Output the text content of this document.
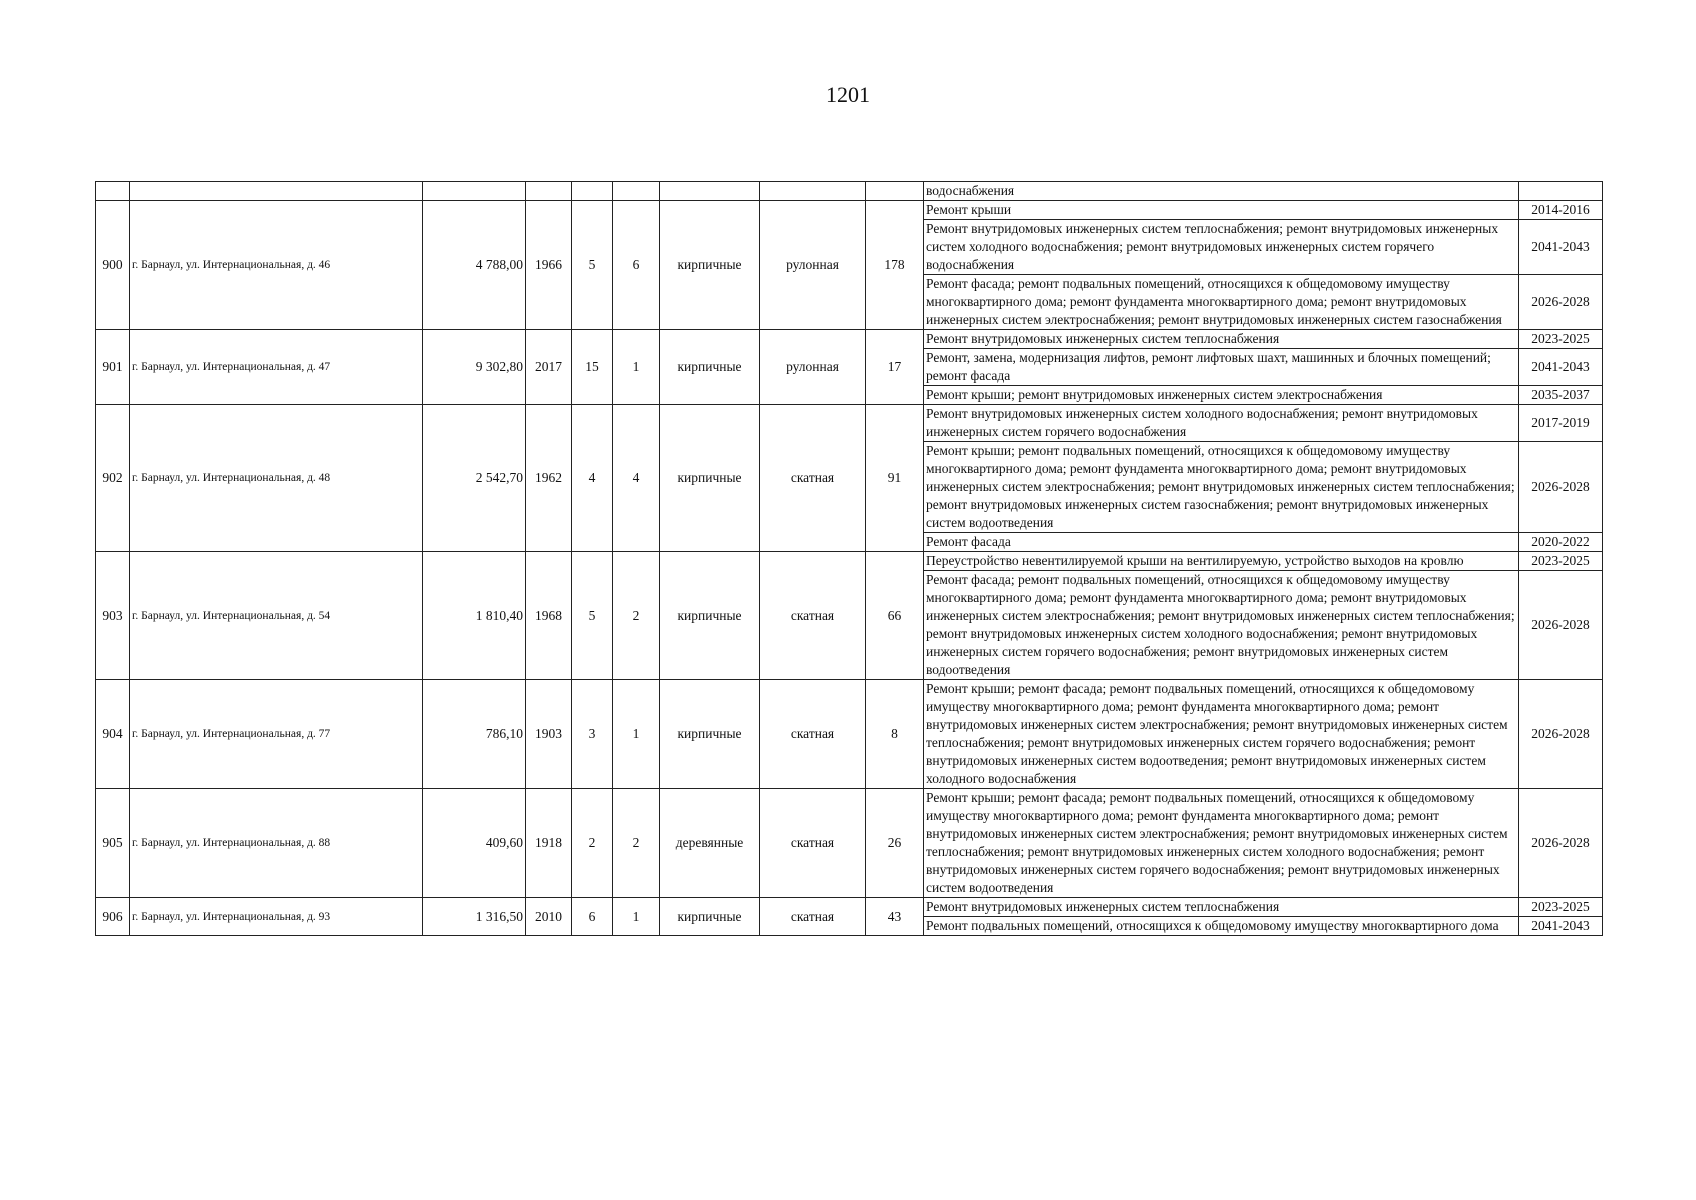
1201
									водоснабжения	
900	г. Барнаул, ул. Интернациональная, д. 46	4 788,00	1966	5	6	кирпичные	рулонная	178	Ремонт крыши	2014-2016
									Ремонт внутридомовых инженерных систем теплоснабжения; ремонт внутридомовых инженерных систем холодного водоснабжения; ремонт внутридомовых инженерных систем горячего водоснабжения	2041-2043
									Ремонт фасада; ремонт подвальных помещений, относящихся к общедомовому имуществу многоквартирного дома; ремонт фундамента многоквартирного дома; ремонт внутридомовых инженерных систем электроснабжения; ремонт внутридомовых инженерных систем газоснабжения	2026-2028
901	г. Барнаул, ул. Интернациональная, д. 47	9 302,80	2017	15	1	кирпичные	рулонная	17	Ремонт внутридомовых инженерных систем теплоснабжения	2023-2025
									Ремонт, замена, модернизация лифтов, ремонт лифтовых шахт, машинных и блочных помещений; ремонт фасада	2041-2043
									Ремонт крыши; ремонт внутридомовых инженерных систем электроснабжения	2035-2037
902	г. Барнаул, ул. Интернациональная, д. 48	2 542,70	1962	4	4	кирпичные	скатная	91	Ремонт внутридомовых инженерных систем холодного водоснабжения; ремонт внутридомовых инженерных систем горячего водоснабжения	2017-2019
									Ремонт крыши; ремонт подвальных помещений, относящихся к общедомовому имуществу многоквартирного дома; ремонт фундамента многоквартирного дома; ремонт внутридомовых инженерных систем электроснабжения; ремонт внутридомовых инженерных систем теплоснабжения; ремонт внутридомовых инженерных систем газоснабжения; ремонт внутридомовых инженерных систем водоотведения	2026-2028
									Ремонт фасада	2020-2022
903	г. Барнаул, ул. Интернациональная, д. 54	1 810,40	1968	5	2	кирпичные	скатная	66	Переустройство невентилируемой крыши на вентилируемую, устройство выходов на кровлю	2023-2025
									Ремонт фасада; ремонт подвальных помещений, относящихся к общедомовому имуществу многоквартирного дома; ремонт фундамента многоквартирного дома; ремонт внутридомовых инженерных систем электроснабжения; ремонт внутридомовых инженерных систем теплоснабжения; ремонт внутридомовых инженерных систем холодного водоснабжения; ремонт внутридомовых инженерных систем горячего водоснабжения; ремонт внутридомовых инженерных систем водоотведения	2026-2028
904	г. Барнаул, ул. Интернациональная, д. 77	786,10	1903	3	1	кирпичные	скатная	8	Ремонт крыши; ремонт фасада; ремонт подвальных помещений, относящихся к общедомовому имуществу многоквартирного дома; ремонт фундамента многоквартирного дома; ремонт внутридомовых инженерных систем электроснабжения; ремонт внутридомовых инженерных систем теплоснабжения; ремонт внутридомовых инженерных систем горячего водоснабжения; ремонт внутридомовых инженерных систем водоотведения; ремонт внутридомовых инженерных систем холодного водоснабжения	2026-2028
905	г. Барнаул, ул. Интернациональная, д. 88	409,60	1918	2	2	деревянные	скатная	26	Ремонт крыши; ремонт фасада; ремонт подвальных помещений, относящихся к общедомовому имуществу многоквартирного дома; ремонт фундамента многоквартирного дома; ремонт внутридомовых инженерных систем электроснабжения; ремонт внутридомовых инженерных систем теплоснабжения; ремонт внутридомовых инженерных систем холодного водоснабжения; ремонт внутридомовых инженерных систем горячего водоснабжения; ремонт внутридомовых инженерных систем водоотведения	2026-2028
906	г. Барнаул, ул. Интернациональная, д. 93	1 316,50	2010	6	1	кирпичные	скатная	43	Ремонт внутридомовых инженерных систем теплоснабжения	2023-2025
									Ремонт подвальных помещений, относящихся к общедомовому имуществу многоквартирного дома	2041-2043
